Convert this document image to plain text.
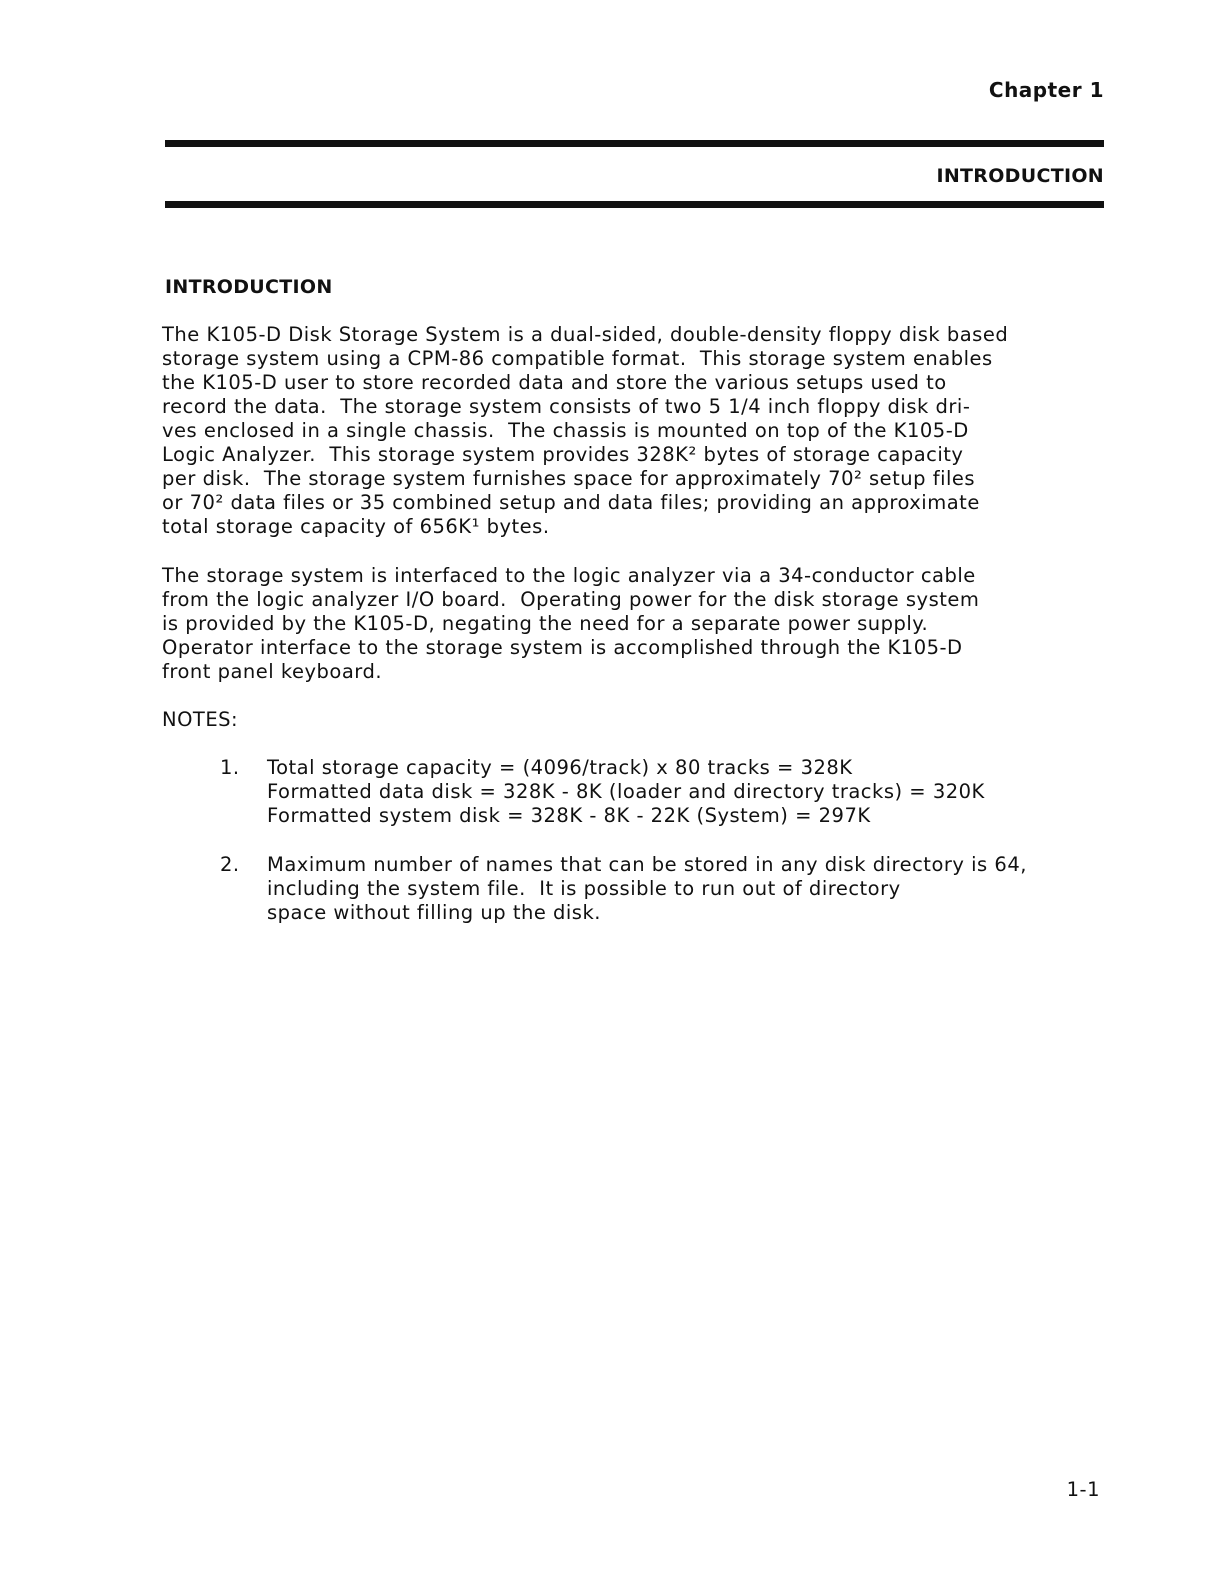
Chapter 1
INTRODUCTION
INTRODUCTION
The K105-D Disk Storage System is a dual-sided, double-density floppy disk based
storage system using a CPM-86 compatible format.  This storage system enables
the K105-D user to store recorded data and store the various setups used to
record the data.  The storage system consists of two 5 1/4 inch floppy disk dri-
ves enclosed in a single chassis.  The chassis is mounted on top of the K105-D
Logic Analyzer.  This storage system provides 328K² bytes of storage capacity
per disk.  The storage system furnishes space for approximately 70² setup files
or 70² data files or 35 combined setup and data files; providing an approximate
total storage capacity of 656K¹ bytes.
The storage system is interfaced to the logic analyzer via a 34-conductor cable
from the logic analyzer I/O board.  Operating power for the disk storage system
is provided by the K105-D, negating the need for a separate power supply.
Operator interface to the storage system is accomplished through the K105-D
front panel keyboard.
NOTES:
1. Total storage capacity = (4096/track) x 80 tracks = 328K
Formatted data disk = 328K - 8K (loader and directory tracks) = 320K
Formatted system disk = 328K - 8K - 22K (System) = 297K
2. Maximum number of names that can be stored in any disk directory is 64,
including the system file.  It is possible to run out of directory
space without filling up the disk.
1-1
